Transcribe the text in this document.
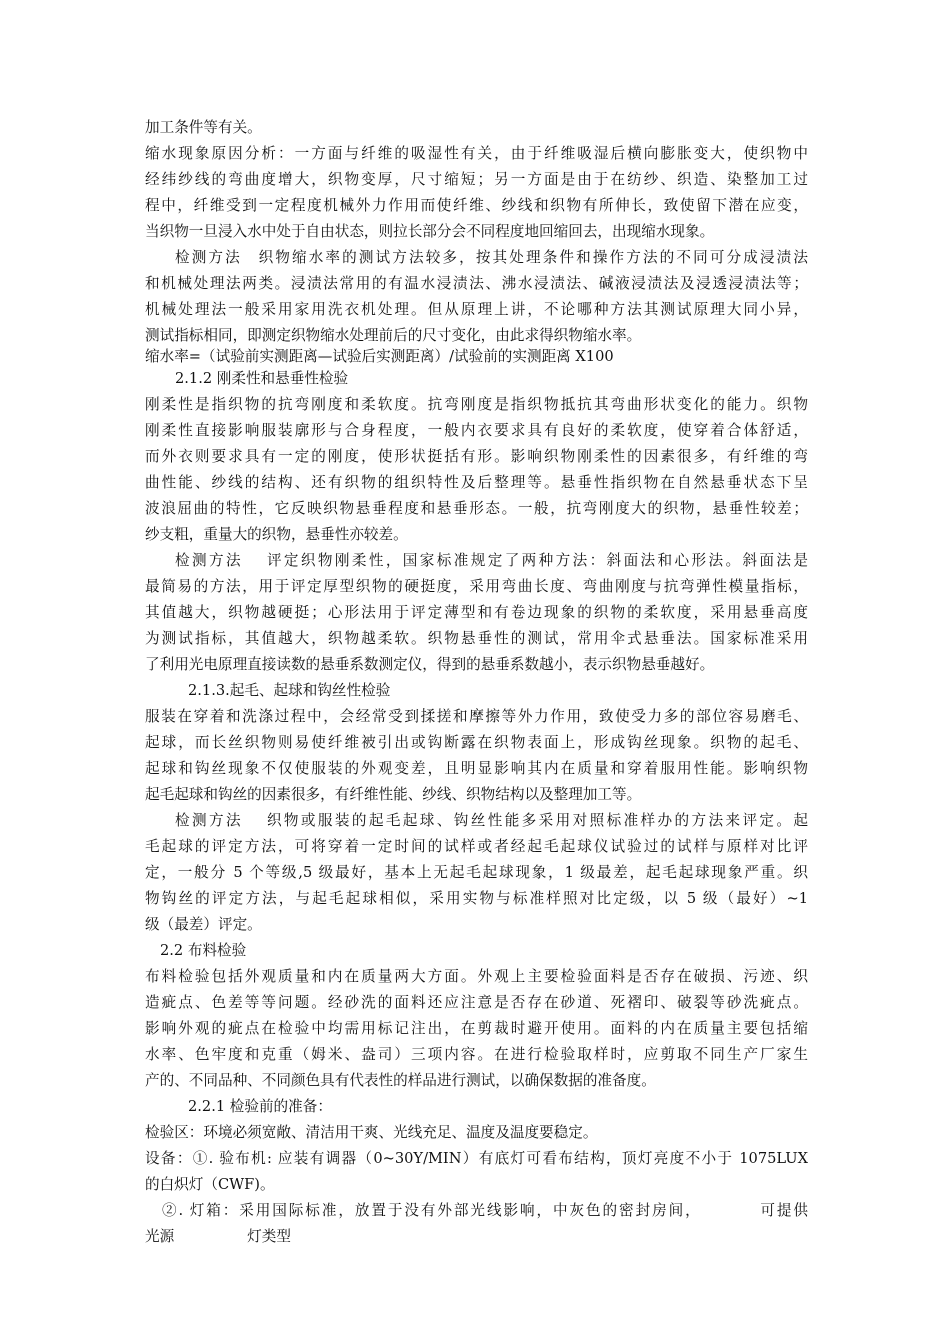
加工条件等有关。
缩水现象原因分析：一方面与纤维的吸湿性有关，由于纤维吸湿后横向膨胀变大，使织物中
经纬纱线的弯曲度增大，织物变厚，尺寸缩短；另一方面是由于在纺纱、织造、染整加工过
程中，纤维受到一定程度机械外力作用而使纤维、纱线和织物有所伸长，致使留下潜在应变，
当织物一旦浸入水中处于自由状态，则拉长部分会不同程度地回缩回去，出现缩水现象。
检测方法　织物缩水率的测试方法较多，按其处理条件和操作方法的不同可分成浸渍法
和机械处理法两类。浸渍法常用的有温水浸渍法、沸水浸渍法、碱液浸渍法及浸透浸渍法等；
机械处理法一般采用家用洗衣机处理。但从原理上讲，不论哪种方法其测试原理大同小异，
测试指标相同，即测定织物缩水处理前后的尺寸变化，由此求得织物缩水率。
缩水率=（试验前实测距离—试验后实测距离）/试验前的实测距离 X100
2.1.2 刚柔性和悬垂性检验
刚柔性是指织物的抗弯刚度和柔软度。抗弯刚度是指织物抵抗其弯曲形状变化的能力。织物
刚柔性直接影响服装廓形与合身程度，一般内衣要求具有良好的柔软度，使穿着合体舒适，
而外衣则要求具有一定的刚度，使形状挺括有形。影响织物刚柔性的因素很多，有纤维的弯
曲性能、纱线的结构、还有织物的组织特性及后整理等。悬垂性指织物在自然悬垂状态下呈
波浪屈曲的特性，它反映织物悬垂程度和悬垂形态。一般，抗弯刚度大的织物，悬垂性较差；
纱支粗，重量大的织物，悬垂性亦较差。
检测方法　 评定织物刚柔性，国家标准规定了两种方法：斜面法和心形法。斜面法是
最简易的方法，用于评定厚型织物的硬挺度，采用弯曲长度、弯曲刚度与抗弯弹性模量指标，
其值越大，织物越硬挺；心形法用于评定薄型和有卷边现象的织物的柔软度，采用悬垂高度
为测试指标，其值越大，织物越柔软。织物悬垂性的测试，常用伞式悬垂法。国家标准采用
了利用光电原理直接读数的悬垂系数测定仪，得到的悬垂系数越小，表示织物悬垂越好。
2.1.3.起毛、起球和钩丝性检验
服装在穿着和洗涤过程中，会经常受到揉搓和摩擦等外力作用，致使受力多的部位容易磨毛、
起球，而长丝织物则易使纤维被引出或钩断露在织物表面上，形成钩丝现象。织物的起毛、
起球和钩丝现象不仅使服装的外观变差，且明显影响其内在质量和穿着服用性能。影响织物
起毛起球和钩丝的因素很多，有纤维性能、纱线、织物结构以及整理加工等。
检测方法　 织物或服装的起毛起球、钩丝性能多采用对照标准样办的方法来评定。起
毛起球的评定方法，可将穿着一定时间的试样或者经起毛起球仪试验过的试样与原样对比评
定，一般分 5 个等级,5 级最好，基本上无起毛起球现象，1 级最差，起毛起球现象严重。织
物钩丝的评定方法，与起毛起球相似，采用实物与标准样照对比定级，以 5 级（最好）~1
级（最差）评定。
2.2 布料检验
布料检验包括外观质量和内在质量两大方面。外观上主要检验面料是否存在破损、污迹、织
造疵点、色差等等问题。经砂洗的面料还应注意是否存在砂道、死褶印、破裂等砂洗疵点。
影响外观的疵点在检验中均需用标记注出，在剪裁时避开使用。面料的内在质量主要包括缩
水率、色牢度和克重（姆米、盎司）三项内容。在进行检验取样时，应剪取不同生产厂家生
产的、不同品种、不同颜色具有代表性的样品进行测试，以确保数据的准备度。
2.2.1 检验前的准备：
检验区：环境必须宽敞、清洁用干爽、光线充足、温度及温度要稳定。
设备：①. 验布机: 应装有调器（0~30Y/MIN）有底灯可看布结构，顶灯亮度不小于 1075LUX
的白炽灯（CWF)。
②. 灯箱：采用国际标准，放置于没有外部光线影响，中灰色的密封房间，　　　　可提供
光源　　　　　灯类型
